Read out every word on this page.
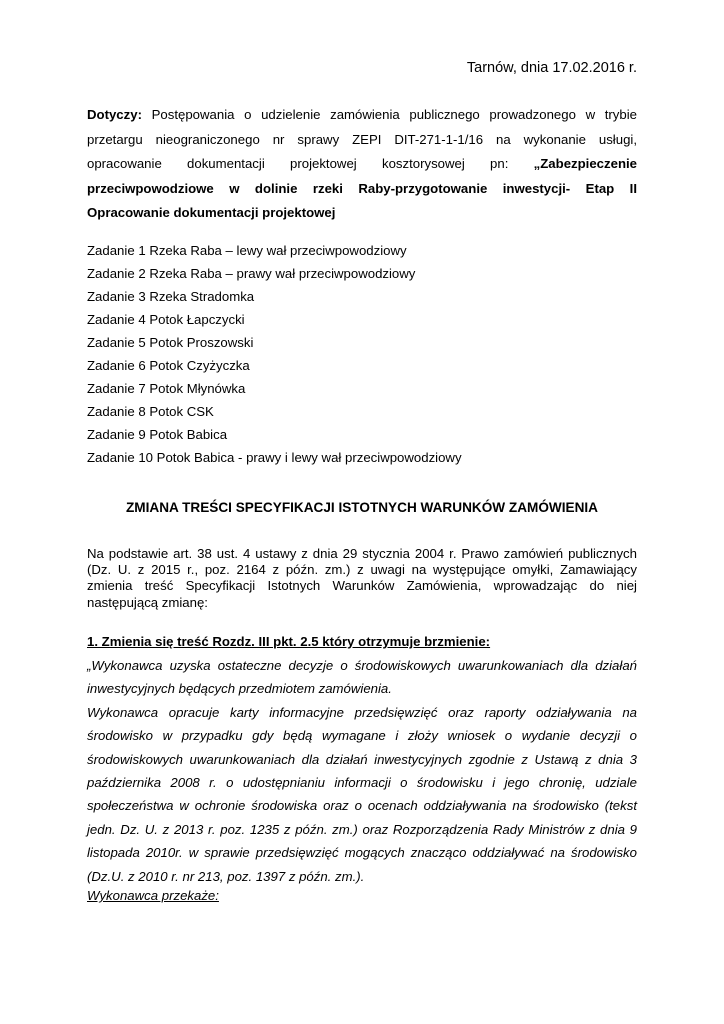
Tarnów, dnia 17.02.2016 r.
Dotyczy: Postępowania o udzielenie zamówienia publicznego prowadzonego w trybie przetargu nieograniczonego nr sprawy ZEPI DIT-271-1-1/16 na wykonanie usługi, opracowanie dokumentacji projektowej kosztorysowej pn: „Zabezpieczenie przeciwpowodziowe w dolinie rzeki Raby-przygotowanie inwestycji- Etap II Opracowanie dokumentacji projektowej
Zadanie 1 Rzeka Raba – lewy wał przeciwpowodziowy
Zadanie 2 Rzeka Raba – prawy wał przeciwpowodziowy
Zadanie 3 Rzeka Stradomka
Zadanie 4 Potok Łapczycki
Zadanie 5 Potok Proszowski
Zadanie 6 Potok Czyżyczka
Zadanie 7 Potok Młynówka
Zadanie 8 Potok CSK
Zadanie 9 Potok Babica
Zadanie 10 Potok Babica - prawy i lewy wał przeciwpowodziowy
ZMIANA TREŚCI SPECYFIKACJI ISTOTNYCH WARUNKÓW ZAMÓWIENIA
Na podstawie art. 38 ust. 4 ustawy z dnia 29 stycznia 2004 r. Prawo zamówień publicznych (Dz. U. z 2015 r., poz. 2164 z późn. zm.) z uwagi na występujące omyłki, Zamawiający zmienia treść Specyfikacji Istotnych Warunków Zamówienia, wprowadzając do niej następującą zmianę:
1. Zmienia się treść Rozdz. III pkt. 2.5 który otrzymuje brzmienie:

„Wykonawca uzyska ostateczne decyzje o środowiskowych uwarunkowaniach dla działań inwestycyjnych będących przedmiotem zamówienia.

Wykonawca opracuje karty informacyjne przedsięwzięć oraz raporty odziaływania na środowisko w przypadku gdy będą wymagane i złoży wniosek o wydanie decyzji o środowiskowych uwarunkowaniach dla działań inwestycyjnych zgodnie z Ustawą z dnia 3 października 2008 r. o udostępnianiu informacji o środowisku i jego chronię, udziale społeczeństwa w ochronie środowiska oraz o ocenach oddziaływania na środowisko (tekst jedn. Dz. U. z 2013 r. poz. 1235 z późn. zm.) oraz Rozporządzenia Rady Ministrów z dnia 9 listopada 2010r. w sprawie przedsięwzięć mogących znacząco oddziaływać na środowisko (Dz.U. z 2010 r. nr 213, poz. 1397 z późn. zm.).

Wykonawca przekaże:
